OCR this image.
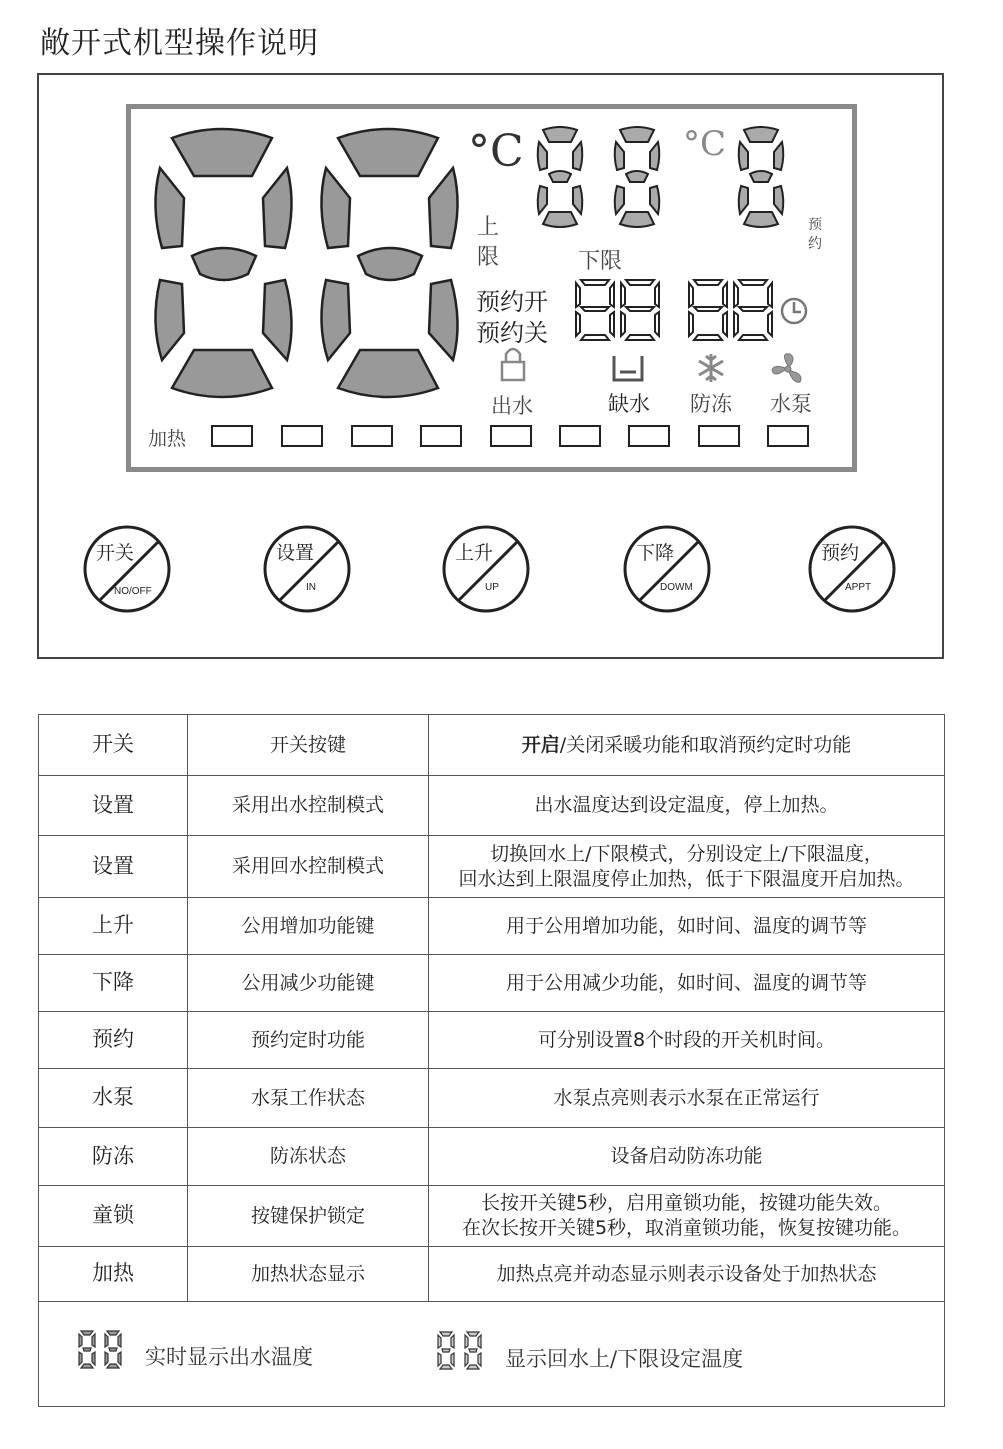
敞开式机型操作说明
°C	°C
上
限	下限
预
约
预约开
预约关
出水	缺水 防冻 水泵
加热
开关
NO/OFF
设置
IN
上升
UP
下降
DOWM
预约
APPT
开关	开关按键	开启/关闭采暖功能和取消预约定时功能
设置	采用出水控制模式	出水温度达到设定温度，停上加热。
设置	采用回水控制模式	切换回水上/下限模式，分别设定上/下限温度，
回水达到上限温度停止加热，低于下限温度开启加热。

上升	公用增加功能键	用于公用增加功能，如时间、温度的调节等
下降	公用减少功能键	用于公用减少功能，如时间、温度的调节等
预约	预约定时功能	可分别设置8个时段的开关机时间。
水泵	水泵工作状态	水泵点亮则表示水泵在正常运行
防冻	防冻状态	设备启动防冻功能
童锁	按键保护锁定	长按开关键5秒，启用童锁功能，按键功能失效。
在次长按开关键5秒，取消童锁功能，恢复按键功能。

加热	加热状态显示	加热点亮并动态显示则表示设备处于加热状态
实时显示出水温度	显示回水上/下限设定温度
